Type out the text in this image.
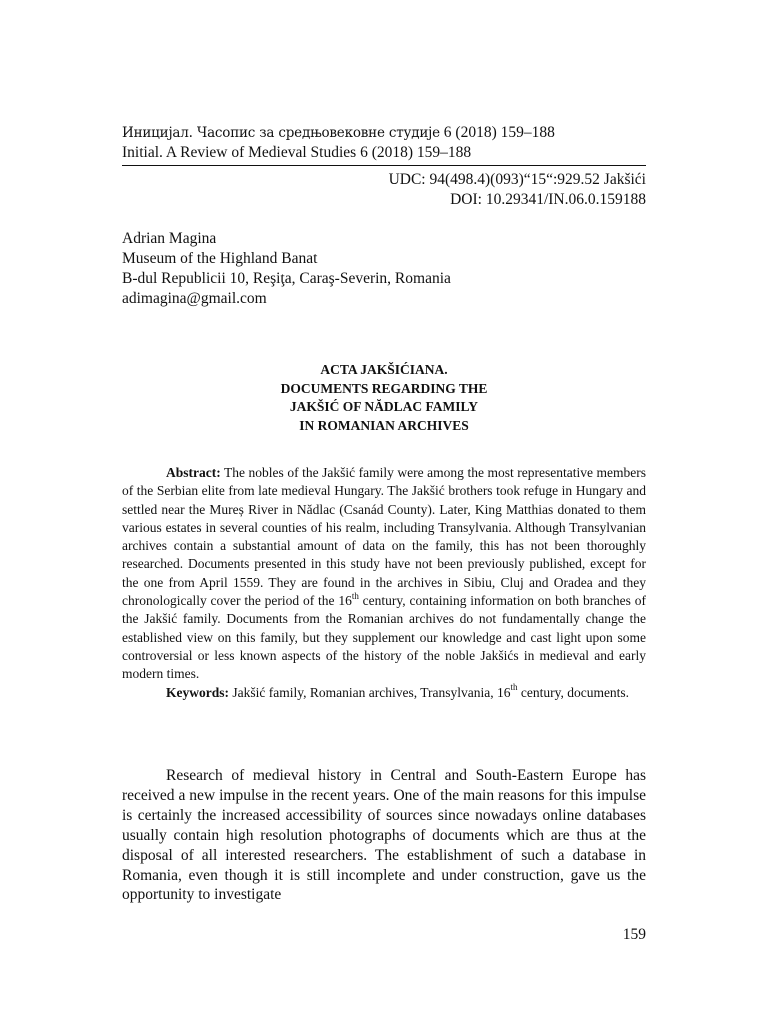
Иницијал. Часопис за средњовековне студије 6 (2018) 159–188
Initial. A Review of Medieval Studies 6 (2018) 159–188
UDC: 94(498.4)(093)“15“:929.52 Jakšići
DOI: 10.29341/IN.06.0.159188
Adrian Magina
Museum of the Highland Banat
B-dul Republicii 10, Reşiţa, Caraş-Severin, Romania
adimagina@gmail.com
ACTA JAKŠIĆIANA.
DOCUMENTS REGARDING THE
JAKŠIĆ OF NĂDLAC FAMILY
IN ROMANIAN ARCHIVES

Abstract: The nobles of the Jakšić family were among the most representative members of the Serbian elite from late medieval Hungary. The Jakšić brothers took refuge in Hungary and settled near the Mureș River in Nădlac (Csanád County). Later, King Matthias donated to them various estates in several counties of his realm, including Transylvania. Although Transylvanian archives contain a substantial amount of data on the family, this has not been thoroughly researched. Documents presented in this study have not been previously published, except for the one from April 1559. They are found in the archives in Sibiu, Cluj and Oradea and they chronologically cover the period of the 16th century, containing information on both branches of the Jakšić family. Documents from the Romanian archives do not fundamentally change the established view on this family, but they supplement our knowledge and cast light upon some controversial or less known aspects of the history of the noble Jakšićs in medieval and early modern times.

Keywords: Jakšić family, Romanian archives, Transylvania, 16th century, documents.

Research of medieval history in Central and South-Eastern Europe has received a new impulse in the recent years. One of the main reasons for this impulse is certainly the increased accessibility of sources since nowadays online databases usually contain high resolution photographs of documents which are thus at the disposal of all interested researchers. The establishment of such a database in Romania, even though it is still incomplete and under construction, gave us the opportunity to investigate

159
